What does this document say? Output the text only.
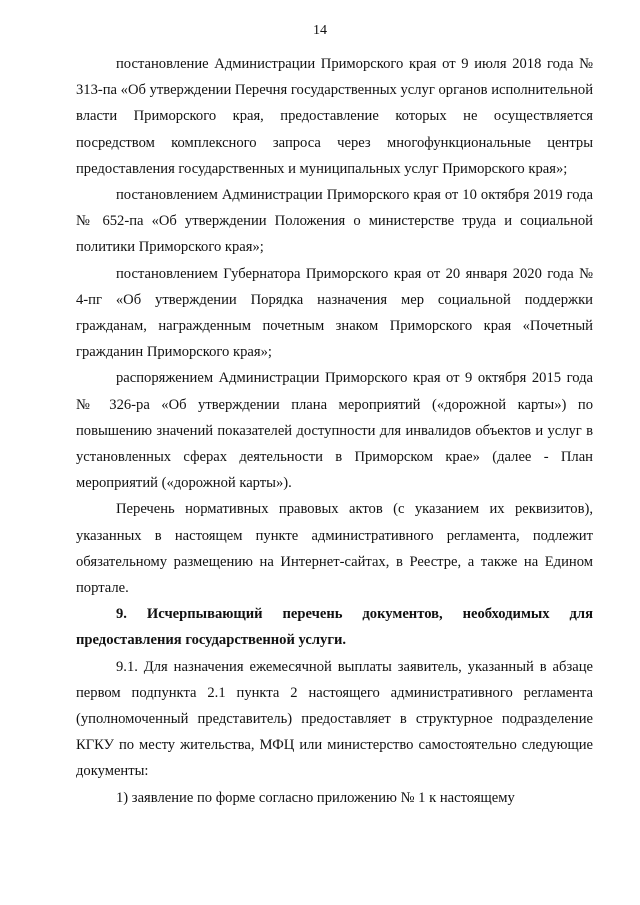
14

постановление Администрации Приморского края от 9 июля 2018 года № 313-па «Об утверждении Перечня государственных услуг органов исполнительной власти Приморского края, предоставление которых не осуществляется посредством комплексного запроса через многофункциональные центры предоставления государственных и муниципальных услуг Приморского края»;

постановлением Администрации Приморского края от 10 октября 2019 года № 652-па «Об утверждении Положения о министерстве труда и социальной политики Приморского края»;

постановлением Губернатора Приморского края от 20 января 2020 года № 4-пг «Об утверждении Порядка назначения мер социальной поддержки гражданам, награжденным почетным знаком Приморского края «Почетный гражданин Приморского края»;

распоряжением Администрации Приморского края от 9 октября 2015 года № 326-ра «Об утверждении плана мероприятий («дорожной карты») по повышению значений показателей доступности для инвалидов объектов и услуг в установленных сферах деятельности в Приморском крае» (далее - План мероприятий («дорожной карты»).

Перечень нормативных правовых актов (с указанием их реквизитов), указанных в настоящем пункте административного регламента, подлежит обязательному размещению на Интернет-сайтах, в Реестре, а также на Едином портале.

9. Исчерпывающий перечень документов, необходимых для предоставления государственной услуги.

9.1. Для назначения ежемесячной выплаты заявитель, указанный в абзаце первом подпункта 2.1 пункта 2 настоящего административного регламента (уполномоченный представитель) предоставляет в структурное подразделение КГКУ по месту жительства, МФЦ или министерство самостоятельно следующие документы:

1) заявление по форме согласно приложению № 1 к настоящему
